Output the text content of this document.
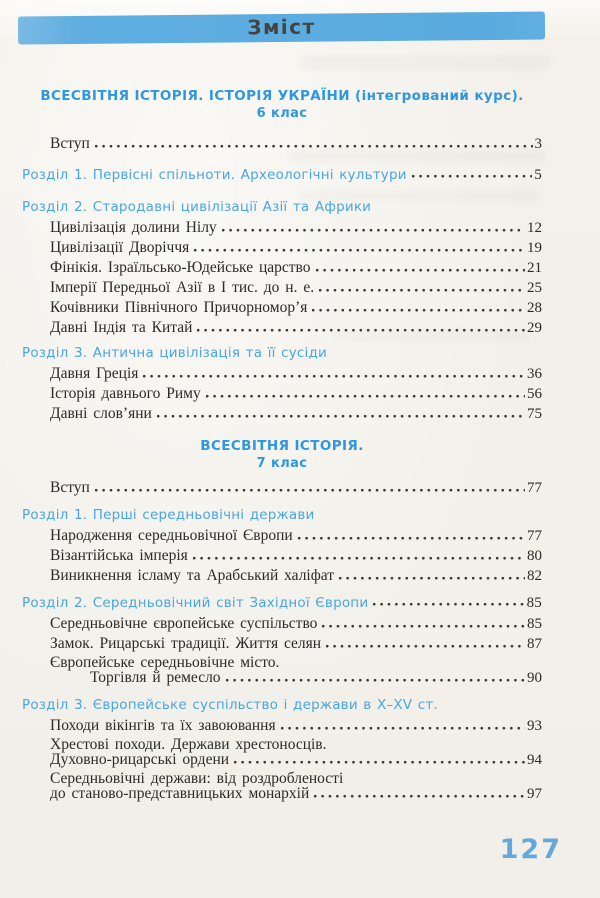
Зміст
ВСЕСВІТНЯ ІСТОРІЯ. ІСТОРІЯ УКРАЇНИ (інтегрований курс).
6 клас
Вступ	3
Розділ 1. Первісні спільноти. Археологічні культури	5
Розділ 2. Стародавні цивілізації Азії та Африки
Цивілізація долини Нілу	12
Цивілізації Дворіччя	19
Фінікія. Ізраїльсько-Юдейське царство	21
Імперії Передньої Азії в І тис. до н. е.	25
Кочівники Північного Причорномор’я	28
Давні Індія та Китай	29
Розділ 3. Антична цивілізація та її сусіди
Давня Греція	36
Історія давнього Риму	56
Давні слов’яни	75
ВСЕСВІТНЯ ІСТОРІЯ.
7 клас
Вступ	77
Розділ 1. Перші середньовічні держави
Народження середньовічної Європи	77
Візантійська імперія	80
Виникнення ісламу та Арабський халіфат	82
Розділ 2. Середньовічний світ Західної Європи	85
Середньовічне європейське суспільство	85
Замок. Рицарські традиції. Життя селян	87
Європейське середньовічне місто.
Торгівля й ремесло	90
Розділ 3. Європейське суспільство і держави в Х–ХV ст.
Походи вікінгів та їх завоювання	93
Хрестові походи. Держави хрестоносців.
Духовно-рицарські ордени	94
Середньовічні держави: від роздробленості
до станово-представницьких монархій	97
127
